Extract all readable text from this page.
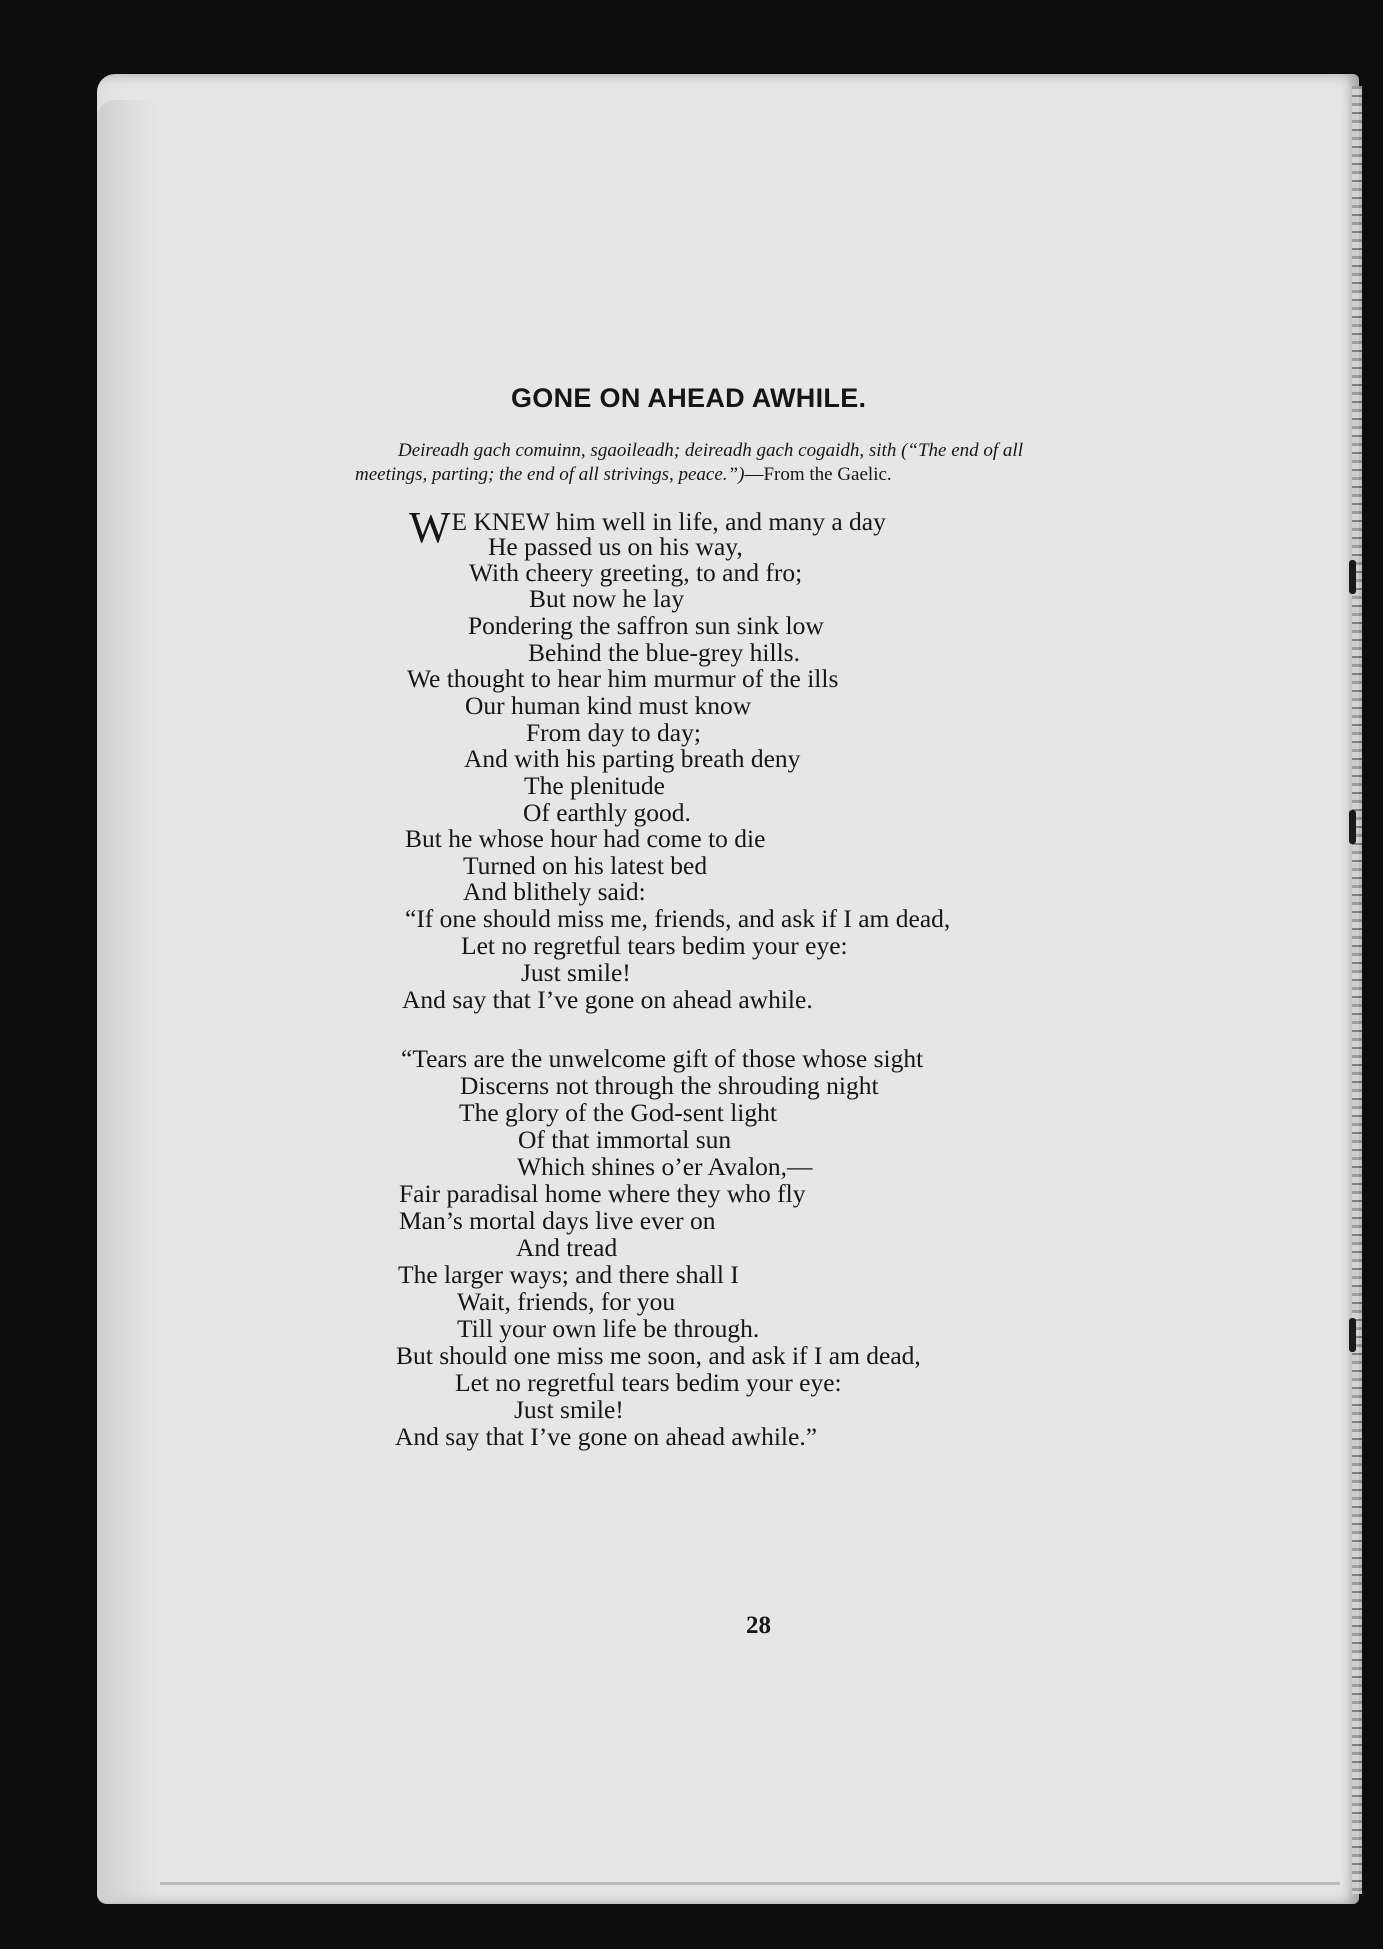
GONE ON AHEAD AWHILE.
Deireadh gach comuinn, sgaoileadh; deireadh gach cogaidh, sith (“The end of all
meetings, parting; the end of all strivings, peace.”)—From the Gaelic.
WE KNEW him well in life, and many a day
He passed us on his way,
With cheery greeting, to and fro;
But now he lay
Pondering the saffron sun sink low
Behind the blue-grey hills.
We thought to hear him murmur of the ills
Our human kind must know
From day to day;
And with his parting breath deny
The plenitude
Of earthly good.
But he whose hour had come to die
Turned on his latest bed
And blithely said:
“If one should miss me, friends, and ask if I am dead,
Let no regretful tears bedim your eye:
Just smile!
And say that I’ve gone on ahead awhile.
“Tears are the unwelcome gift of those whose sight
Discerns not through the shrouding night
The glory of the God-sent light
Of that immortal sun
Which shines o’er Avalon,—
Fair paradisal home where they who fly
Man’s mortal days live ever on
And tread
The larger ways; and there shall I
Wait, friends, for you
Till your own life be through.
But should one miss me soon, and ask if I am dead,
Let no regretful tears bedim your eye:
Just smile!
And say that I’ve gone on ahead awhile.”
28
